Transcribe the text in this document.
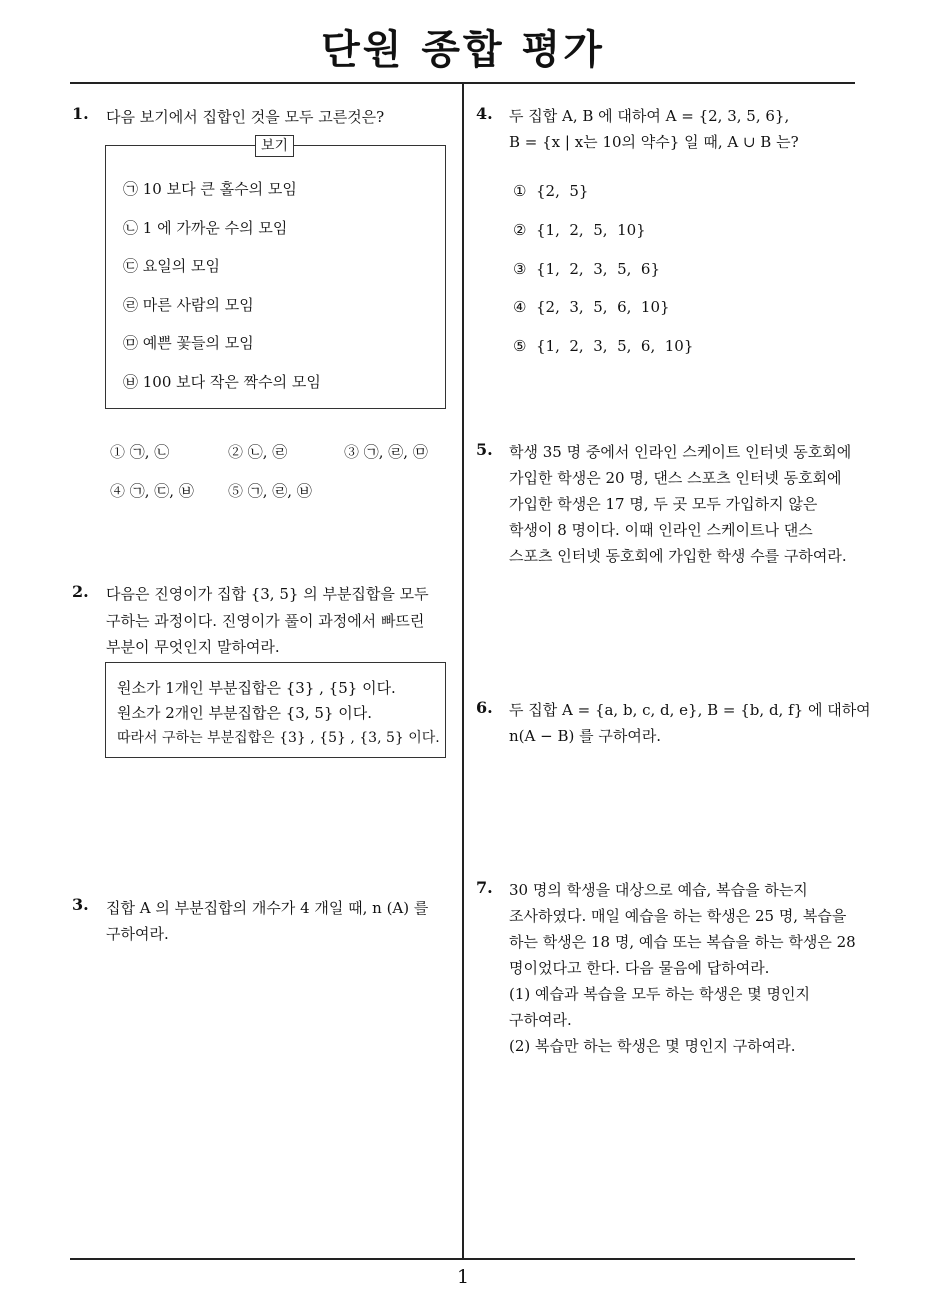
단원 종합 평가
1
1. 다음 보기에서 집합인 것을 모두 고른것은?
보기
㉠ 10 보다 큰 홀수의 모임
㉡ 1 에 가까운 수의 모임
㉢ 요일의 모임
㉣ 마른 사람의 모임
㉤ 예쁜 꽃들의 모임
㉥ 100 보다 작은 짝수의 모임
① ㉠, ㉡	② ㉡, ㉣	③ ㉠, ㉣, ㉤
④ ㉠, ㉢, ㉥ ⑤ ㉠, ㉣, ㉥
2. 다음은 진영이가 집합 {3, 5} 의 부분집합을 모두
구하는 과정이다. 진영이가 풀이 과정에서 빠뜨린
부분이 무엇인지 말하여라.
원소가 1개인 부분집합은 {3} , {5} 이다.
원소가 2개인 부분집합은 {3, 5} 이다.
따라서 구하는 부분집합은 {3} , {5} , {3, 5} 이다.
3. 집합 A 의 부분집합의 개수가 4 개일 때, n (A) 를
구하여라.
4. 두 집합 A, B 에 대하여 A = {2, 3, 5, 6},
B = {x | x는 10의 약수} 일 때, A ∪ B 는?
①  {2,  5}
②  {1,  2,  5,  10}
③  {1,  2,  3,  5,  6}
④  {2,  3,  5,  6,  10}
⑤  {1,  2,  3,  5,  6,  10}
5. 학생 35 명 중에서 인라인 스케이트 인터넷 동호회에
가입한 학생은 20 명, 댄스 스포츠 인터넷 동호회에
가입한 학생은 17 명, 두 곳 모두 가입하지 않은
학생이 8 명이다. 이때 인라인 스케이트나 댄스
스포츠 인터넷 동호회에 가입한 학생 수를 구하여라.
6. 두 집합 A = {a, b, c, d, e}, B = {b, d, f} 에 대하여
n(A − B) 를 구하여라.
7. 30 명의 학생을 대상으로 예습, 복습을 하는지
조사하였다. 매일 예습을 하는 학생은 25 명, 복습을
하는 학생은 18 명, 예습 또는 복습을 하는 학생은 28
명이었다고 한다. 다음 물음에 답하여라.
(1) 예습과 복습을 모두 하는 학생은 몇 명인지
구하여라.
(2) 복습만 하는 학생은 몇 명인지 구하여라.
